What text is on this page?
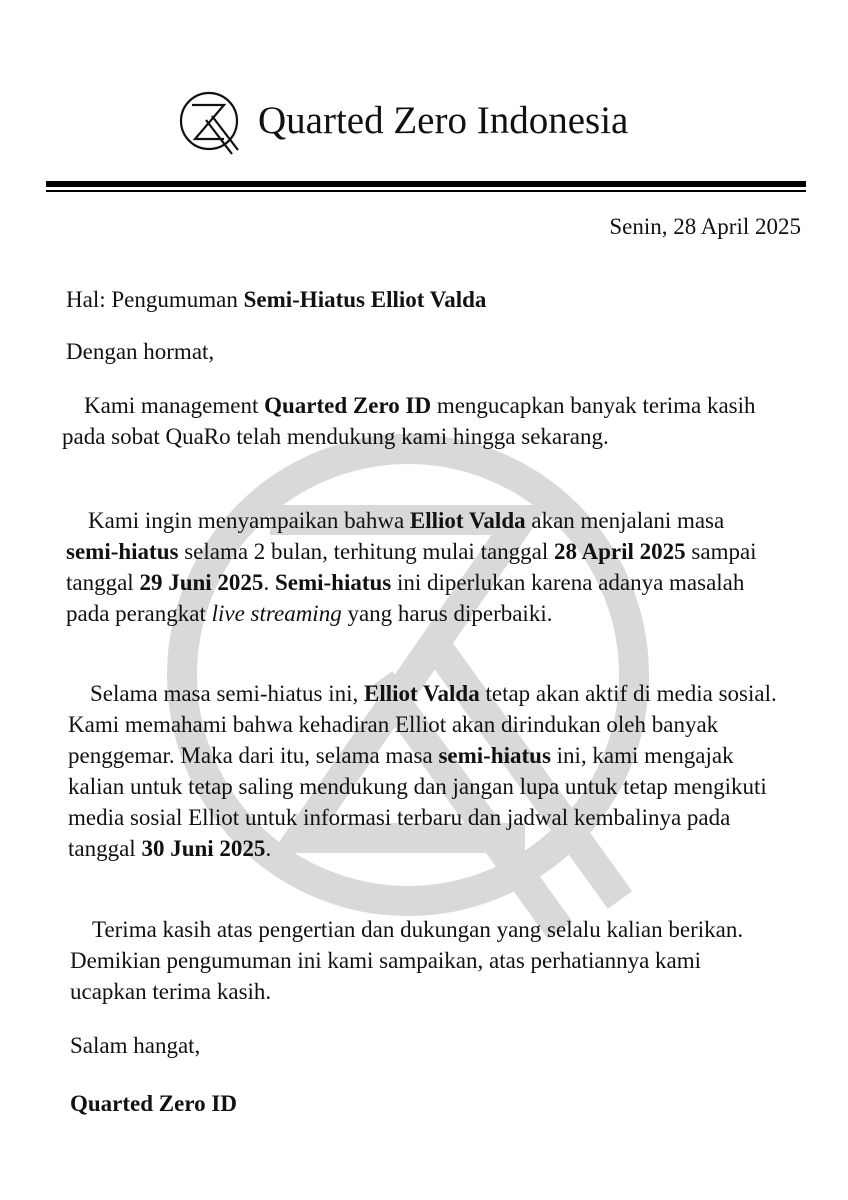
Quarted Zero Indonesia
Senin, 28 April 2025

Hal: Pengumuman Semi-Hiatus Elliot Valda

Dengan hormat,

Kami management Quarted Zero ID mengucapkan banyak terima kasih pada sobat QuaRo telah mendukung kami hingga sekarang.

Kami ingin menyampaikan bahwa Elliot Valda akan menjalani masa semi-hiatus selama 2 bulan, terhitung mulai tanggal 28 April 2025 sampai tanggal 29 Juni 2025. Semi-hiatus ini diperlukan karena adanya masalah pada perangkat live streaming yang harus diperbaiki.

Selama masa semi-hiatus ini, Elliot Valda tetap akan aktif di media sosial. Kami memahami bahwa kehadiran Elliot akan dirindukan oleh banyak penggemar. Maka dari itu, selama masa semi-hiatus ini, kami mengajak kalian untuk tetap saling mendukung dan jangan lupa untuk tetap mengikuti media sosial Elliot untuk informasi terbaru dan jadwal kembalinya pada tanggal 30 Juni 2025.

Terima kasih atas pengertian dan dukungan yang selalu kalian berikan. Demikian pengumuman ini kami sampaikan, atas perhatiannya kami ucapkan terima kasih.

Salam hangat,

Quarted Zero ID
